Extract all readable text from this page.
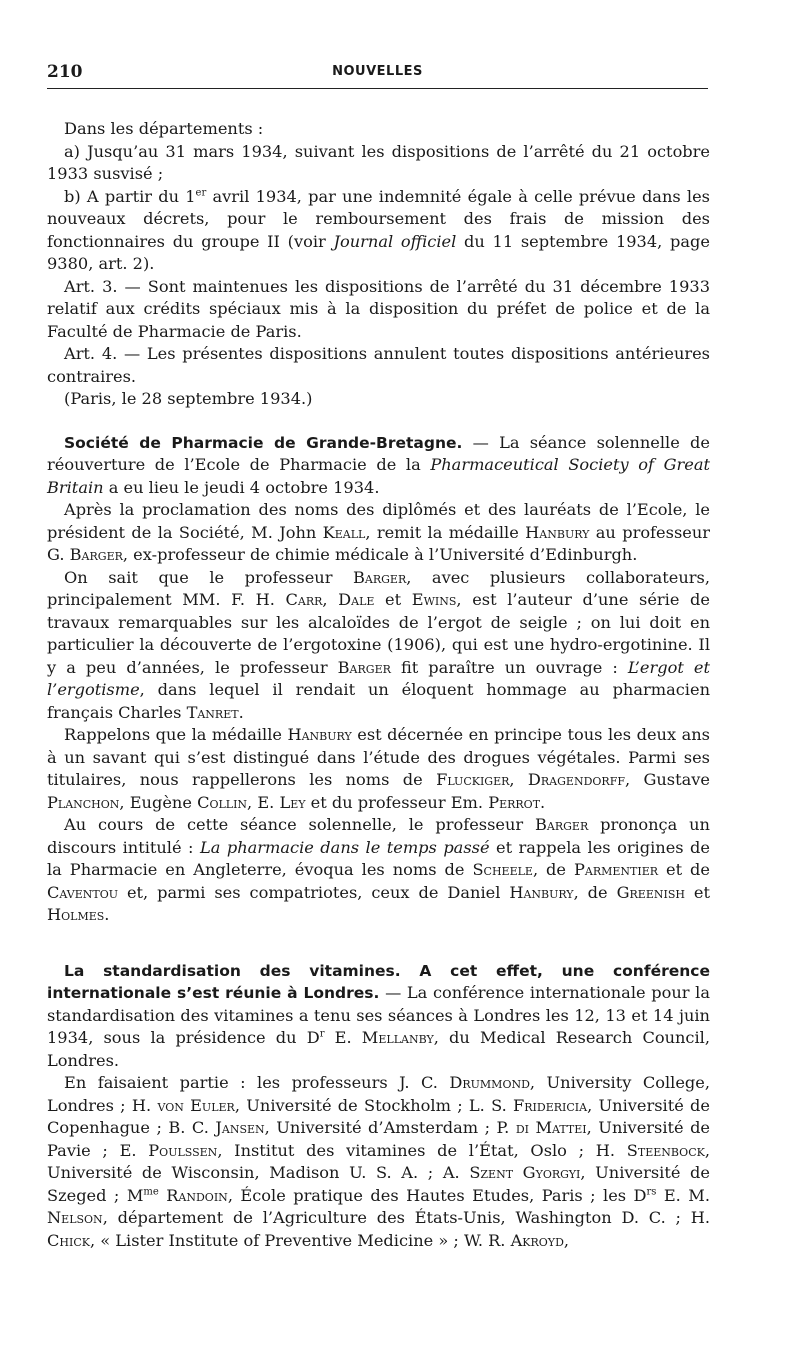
210	NOUVELLES

Dans les départements :

a) Jusqu’au 31 mars 1934, suivant les dispositions de l’arrêté du 21 octobre 1933 susvisé ;

b) A partir du 1er avril 1934, par une indemnité égale à celle prévue dans les nouveaux décrets, pour le remboursement des frais de mission des fonctionnaires du groupe II (voir Journal officiel du 11 septembre 1934, page 9380, art. 2).

Art. 3. — Sont maintenues les dispositions de l’arrêté du 31 décembre 1933 relatif aux crédits spéciaux mis à la disposition du préfet de police et de la Faculté de Pharmacie de Paris.

Art. 4. — Les présentes dispositions annulent toutes dispositions antérieures contraires.

(Paris, le 28 septembre 1934.)

Société de Pharmacie de Grande-Bretagne. — La séance solennelle de réouverture de l’Ecole de Pharmacie de la Pharmaceutical Society of Great Britain a eu lieu le jeudi 4 octobre 1934.

Après la proclamation des noms des diplômés et des lauréats de l’Ecole, le président de la Société, M. John Keall, remit la médaille Hanbury au professeur G. Barger, ex-professeur de chimie médicale à l’Université d’Edinburgh.

On sait que le professeur Barger, avec plusieurs collaborateurs, principalement MM. F. H. Carr, Dale et Ewins, est l’auteur d’une série de travaux remarquables sur les alcaloïdes de l’ergot de seigle ; on lui doit en particulier la découverte de l’ergotoxine (1906), qui est une hydro-ergotinine. Il y a peu d’années, le professeur Barger fit paraître un ouvrage : L’ergot et l’ergotisme, dans lequel il rendait un éloquent hommage au pharmacien français Charles Tanret.

Rappelons que la médaille Hanbury est décernée en principe tous les deux ans à un savant qui s’est distingué dans l’étude des drogues végétales. Parmi ses titulaires, nous rappellerons les noms de Fluckiger, Dragendorff, Gustave Planchon, Eugène Collin, E. Ley et du professeur Em. Perrot.

Au cours de cette séance solennelle, le professeur Barger prononça un discours intitulé : La pharmacie dans le temps passé et rappela les origines de la Pharmacie en Angleterre, évoqua les noms de Scheele, de Parmentier et de Caventou et, parmi ses compatriotes, ceux de Daniel Hanbury, de Greenish et Holmes.

La standardisation des vitamines. A cet effet, une conférence internationale s’est réunie à Londres. — La conférence internationale pour la standardisation des vitamines a tenu ses séances à Londres les 12, 13 et 14 juin 1934, sous la présidence du $D^r$ E. Mellanby, du Medical Research Council, Londres.

En faisaient partie : les professeurs J. C. Drummond, University College, Londres ; H. von Euler, Université de Stockholm ; L. S. Fridericia, Université de Copenhague ; B. C. Jansen, Université d’Amsterdam ; P. di Mattei, Université de Pavie ; E. Poulssen, Institut des vitamines de l’État, Oslo ; H. Steenbock, Université de Wisconsin, Madison U. S. A. ; A. Szent Gyorgyi, Université de Szeged ; $M^{me}$ Randoin, École pratique des Hautes Etudes, Paris ; les $D^{rs}$ E. M. Nelson, département de l’Agriculture des États-Unis, Washington D. C. ; H. Chick, « Lister Institute of Preventive Medicine » ; W. R. Akroyd,
